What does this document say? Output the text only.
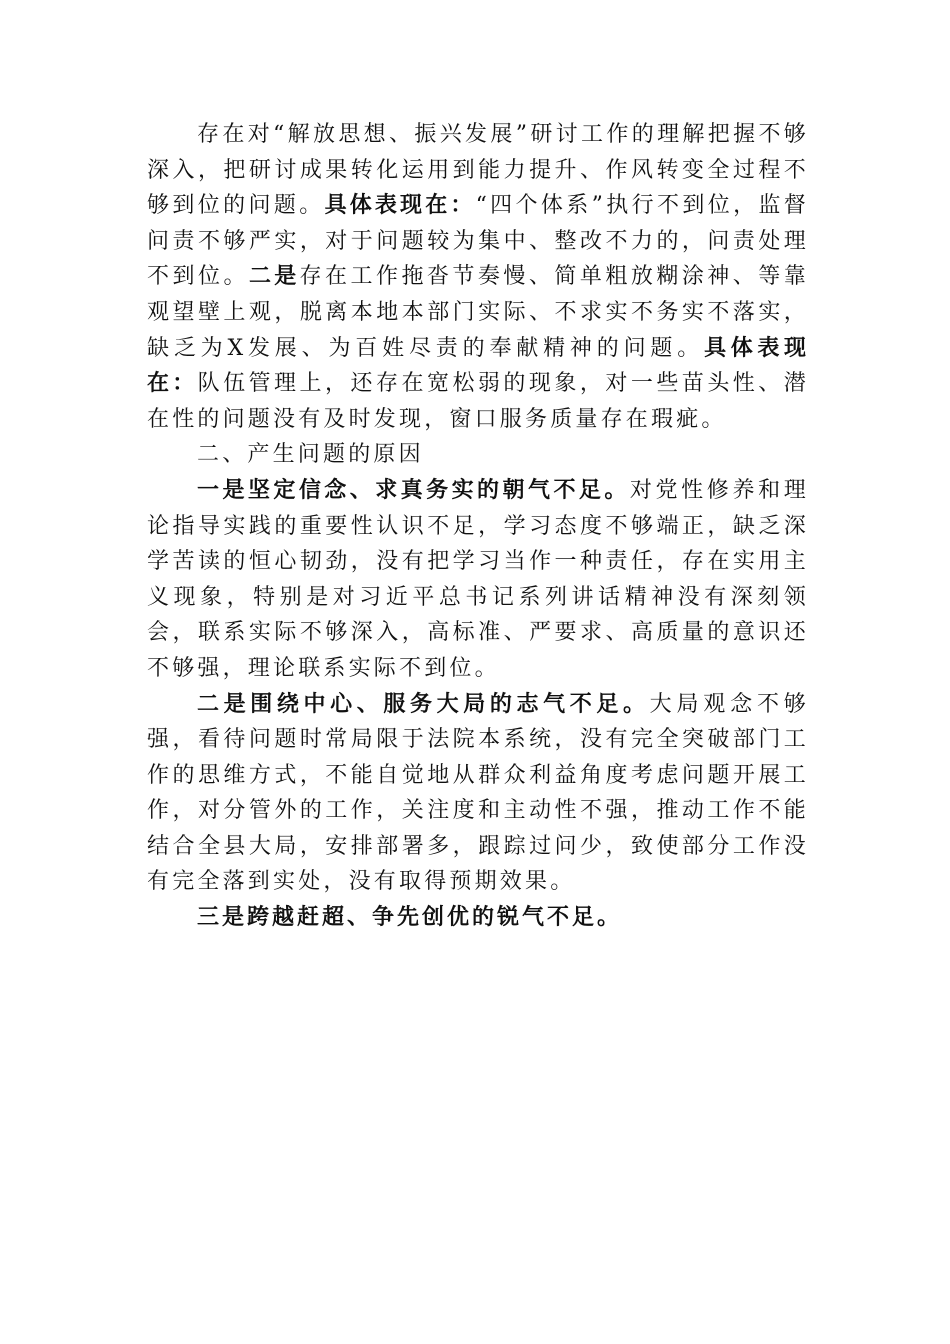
存在对“解放思想、振兴发展”研讨工作的理解把握不够深入，把研讨成果转化运用到能力提升、作风转变全过程不够到位的问题。具体表现在：“四个体系”执行不到位，监督问责不够严实，对于问题较为集中、整改不力的，问责处理不到位。二是存在工作拖沓节奏慢、简单粗放糊涂神、等靠观望壁上观，脱离本地本部门实际、不求实不务实不落实，缺乏为X发展、为百姓尽责的奉献精神的问题。具体表现在：队伍管理上，还存在宽松弱的现象，对一些苗头性、潜在性的问题没有及时发现，窗口服务质量存在瑕疵。

二、产生问题的原因

一是坚定信念、求真务实的朝气不足。对党性修养和理论指导实践的重要性认识不足，学习态度不够端正，缺乏深学苦读的恒心韧劲，没有把学习当作一种责任，存在实用主义现象，特别是对习近平总书记系列讲话精神没有深刻领会，联系实际不够深入，高标准、严要求、高质量的意识还不够强，理论联系实际不到位。

二是围绕中心、服务大局的志气不足。大局观念不够强，看待问题时常局限于法院本系统，没有完全突破部门工作的思维方式，不能自觉地从群众利益角度考虑问题开展工作，对分管外的工作，关注度和主动性不强，推动工作不能结合全县大局，安排部署多，跟踪过问少，致使部分工作没有完全落到实处，没有取得预期效果。

三是跨越赶超、争先创优的锐气不足。
